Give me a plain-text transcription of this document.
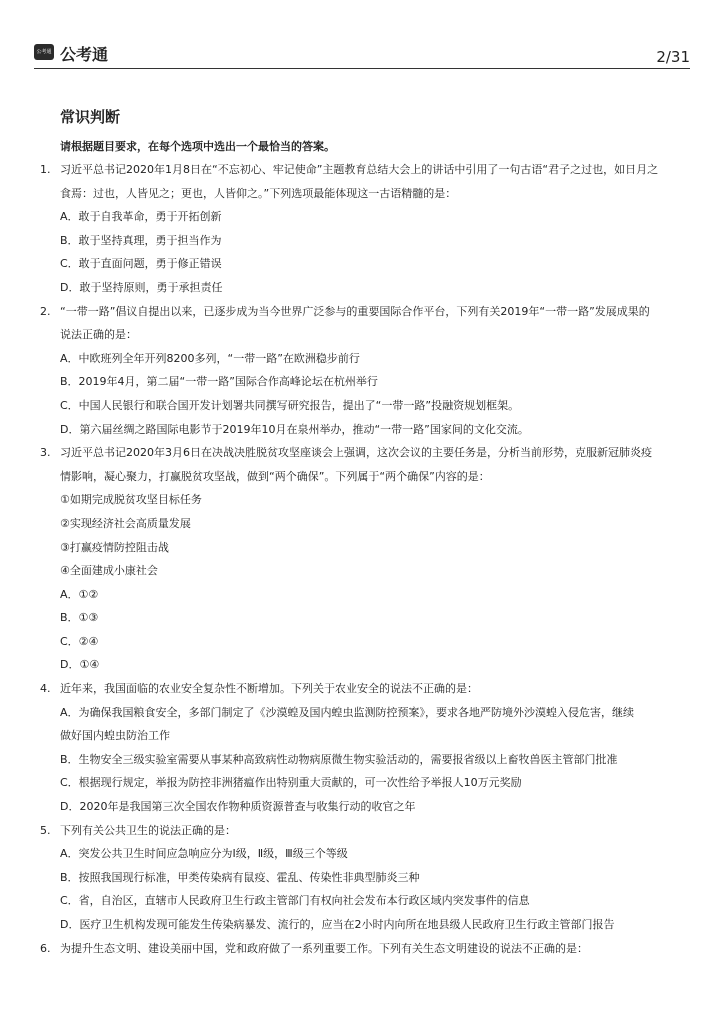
公考通 公考通	2/31
常识判断
请根据题目要求，在每个选项中选出一个最恰当的答案。
1. 习近平总书记2020年1月8日在“不忘初心、牢记使命”主题教育总结大会上的讲话中引用了一句古语“君子之过也，如日月之
食焉：过也，人皆见之；更也，人皆仰之。”下列选项最能体现这一古语精髓的是：
A．敢于自我革命，勇于开拓创新
B．敢于坚持真理，勇于担当作为
C．敢于直面问题，勇于修正错误
D．敢于坚持原则，勇于承担责任
2. “一带一路”倡议自提出以来，已逐步成为当今世界广泛参与的重要国际合作平台，下列有关2019年“一带一路”发展成果的
说法正确的是：
A．中欧班列全年开列8200多列，“一带一路”在欧洲稳步前行
B．2019年4月，第二届“一带一路”国际合作高峰论坛在杭州举行
C．中国人民银行和联合国开发计划署共同撰写研究报告，提出了“一带一路”投融资规划框架。
D．第六届丝绸之路国际电影节于2019年10月在泉州举办，推动“一带一路”国家间的文化交流。
3. 习近平总书记2020年3月6日在决战决胜脱贫攻坚座谈会上强调，这次会议的主要任务是，分析当前形势，克服新冠肺炎疫
情影响，凝心聚力，打赢脱贫攻坚战，做到“两个确保”。下列属于“两个确保”内容的是：
①如期完成脱贫攻坚目标任务
②实现经济社会高质量发展
③打赢疫情防控阻击战
④全面建成小康社会
A．①②
B．①③
C．②④
D．①④
4. 近年来，我国面临的农业安全复杂性不断增加。下列关于农业安全的说法不正确的是：
A．为确保我国粮食安全，多部门制定了《沙漠蝗及国内蝗虫监测防控预案》，要求各地严防境外沙漠蝗入侵危害，继续
做好国内蝗虫防治工作
B．生物安全三级实验室需要从事某种高致病性动物病原微生物实验活动的，需要报省级以上畜牧兽医主管部门批准
C．根据现行规定，举报为防控非洲猪瘟作出特别重大贡献的，可一次性给予举报人10万元奖励
D．2020年是我国第三次全国农作物种质资源普查与收集行动的收官之年
5. 下列有关公共卫生的说法正确的是：
A．突发公共卫生时间应急响应分为Ⅰ级，Ⅱ级，Ⅲ级三个等级
B．按照我国现行标准，甲类传染病有鼠疫、霍乱、传染性非典型肺炎三种
C．省，自治区，直辖市人民政府卫生行政主管部门有权向社会发布本行政区域内突发事件的信息
D．医疗卫生机构发现可能发生传染病暴发、流行的，应当在2小时内向所在地县级人民政府卫生行政主管部门报告
6. 为提升生态文明、建设美丽中国，党和政府做了一系列重要工作。下列有关生态文明建设的说法不正确的是：
